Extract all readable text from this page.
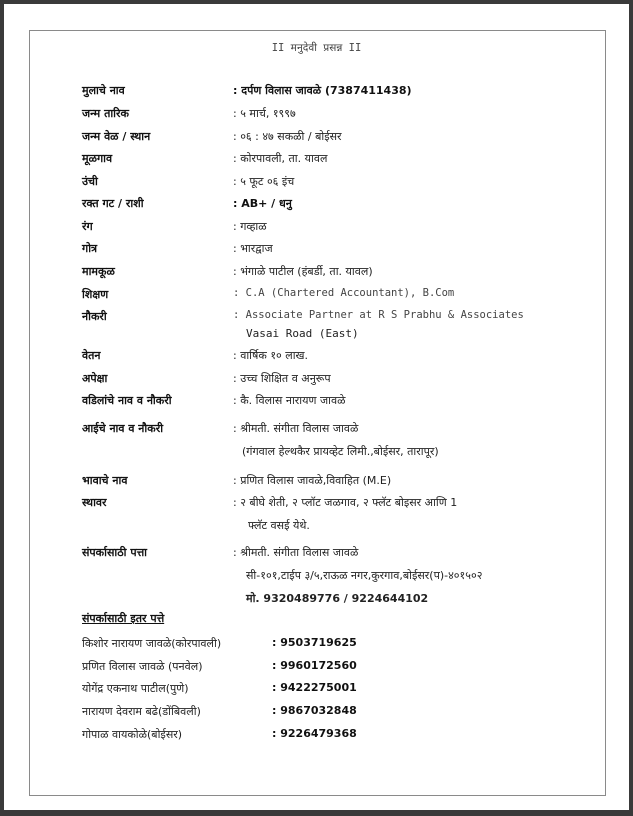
II मनुदेवी प्रसन्न II
मुलाचे नाव	: दर्पण विलास जावळे (7387411438)
जन्म तारिक	: ५ मार्च, १९९७
जन्म वेळ / स्थान	: ०६ : ४७ सकळी / बोईसर
मूळगाव	: कोरपावली, ता. यावल
उंची	: ५ फूट ०६ इंच
रक्त गट / राशी	: AB+ / धनु
रंग	: गव्हाळ
गोत्र	: भारद्वाज
मामकूळ	: भंगाळे पाटील (हंबर्डी, ता. यावल)
शिक्षण	: C.A (Chartered Accountant), B.Com
नौकरी	: Associate Partner at R S Prabhu & Associates
Vasai Road (East)
वेतन	: वार्षिक १० लाख.
अपेक्षा	: उच्च शिक्षित व अनुरूप
वडिलांचे नाव व नौकरी	: कै. विलास नारायण जावळे
आईचे नाव व नौकरी	: श्रीमती. संगीता विलास जावळे
(गंगवाल हेल्थकैर प्रायव्हेट लिमी.,बोईसर, तारापूर)
भावाचे नाव	: प्रणित विलास जावळे,विवाहित (M.E)
स्थावर	: २ बीघे शेती, २ प्लॉट जळगाव, २ फ्लॅट बोइसर आणि 1
फ्लॅट वसई येथे.
संपर्कासाठी पत्ता	: श्रीमती. संगीता विलास जावळे
सी-१०१,टाईप ३/५,राऊळ नगर,कुरगाव,बोईसर(प)-४०१५०२
मो. 9320489776 / 9224644102
संपर्कासाठी इतर पत्ते
किशोर नारायण जावळे(कोरपावली)	: 9503719625
प्रणित विलास जावळे (पनवेल)	: 9960172560
योगेंद्र एकनाथ पाटील(पुणे)	: 9422275001
नारायण देवराम बढे(डोंबिवली)	: 9867032848
गोपाळ वायकोळे(बोईसर)	: 9226479368
